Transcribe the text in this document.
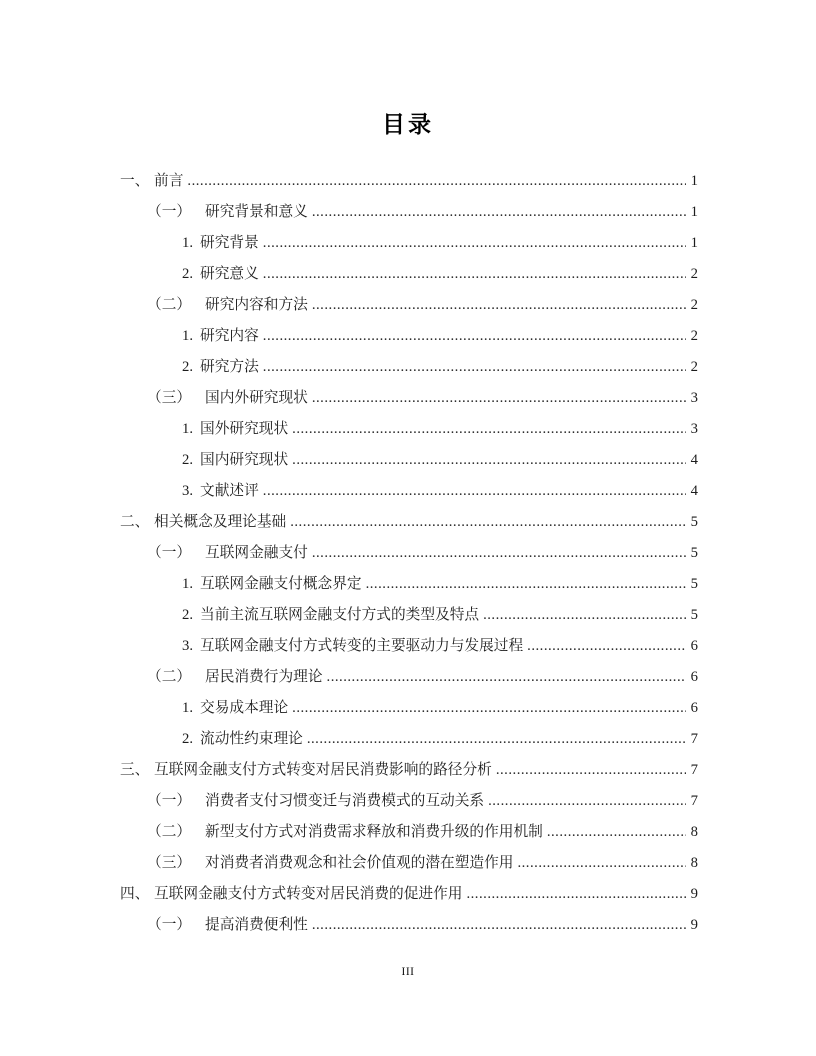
目录
一、 前言 .....	1
（一） 研究背景和意义 .....	1
1. 研究背景 .....	1
2. 研究意义 .....	2
（二） 研究内容和方法 .....	2
1. 研究内容 .....	2
2. 研究方法 .....	2
（三） 国内外研究现状 .....	3
1. 国外研究现状 .....	3
2. 国内研究现状 .....	4
3. 文献述评 .....	4
二、 相关概念及理论基础 .....	5
（一） 互联网金融支付 .....	5
1. 互联网金融支付概念界定 .....	5
2. 当前主流互联网金融支付方式的类型及特点 .....	5
3. 互联网金融支付方式转变的主要驱动力与发展过程 .....	6
（二） 居民消费行为理论 .....	6
1. 交易成本理论 .....	6
2. 流动性约束理论 .....	7
三、 互联网金融支付方式转变对居民消费影响的路径分析 .....	7
（一） 消费者支付习惯变迁与消费模式的互动关系 .....	7
（二） 新型支付方式对消费需求释放和消费升级的作用机制 .....	8
（三） 对消费者消费观念和社会价值观的潜在塑造作用 .....	8
四、 互联网金融支付方式转变对居民消费的促进作用 .....	9
（一） 提高消费便利性 .....	9
III
